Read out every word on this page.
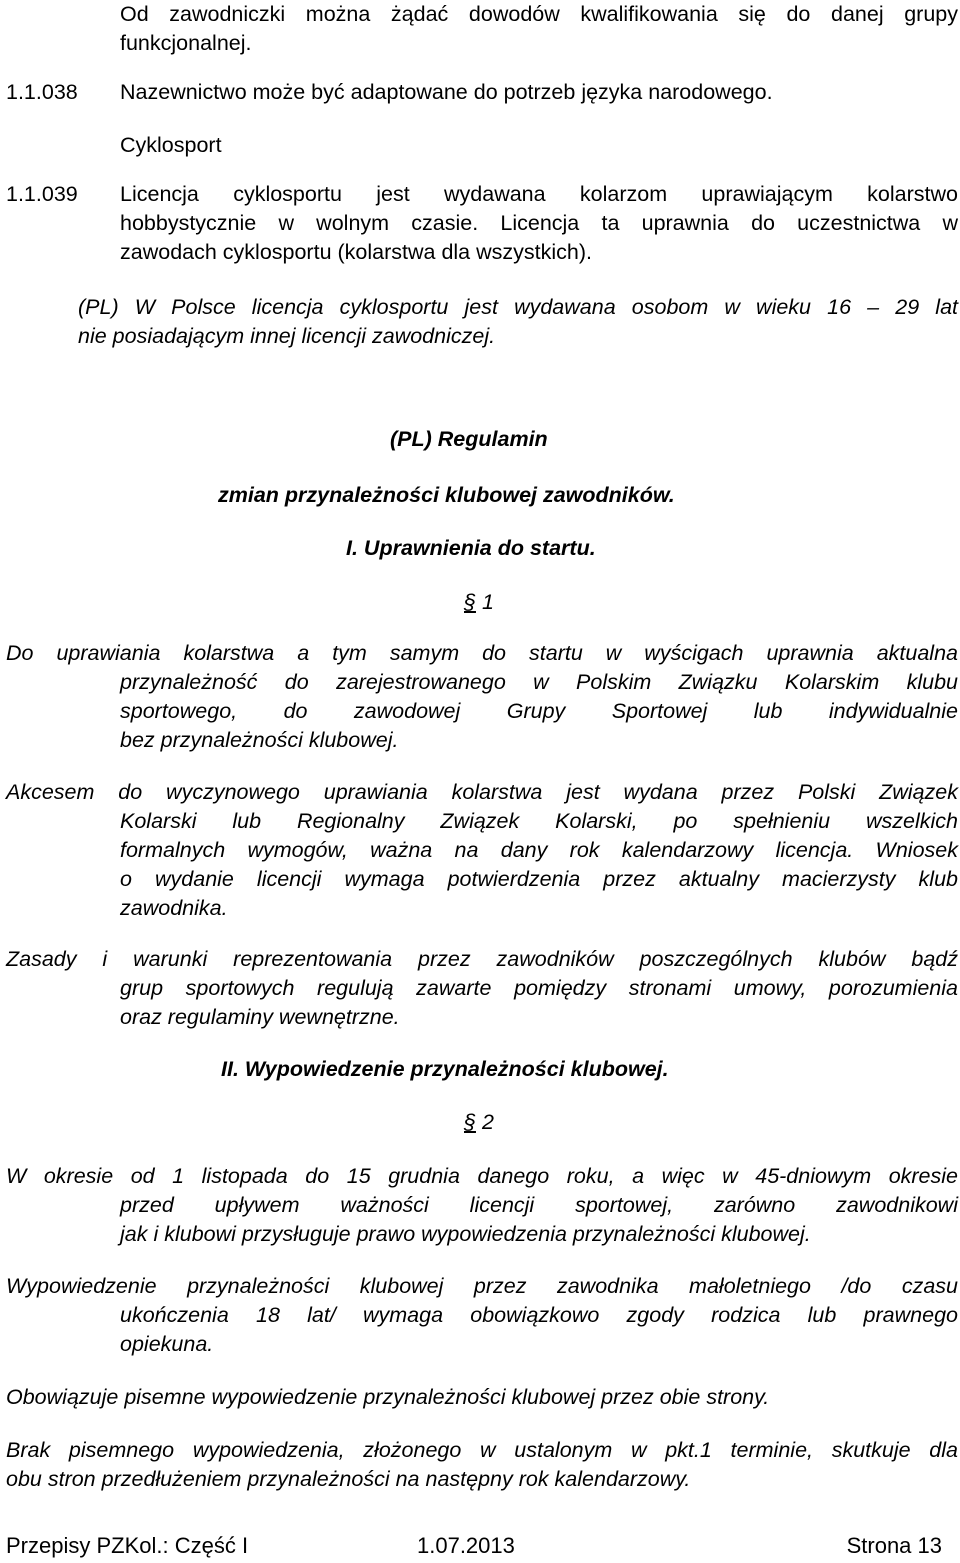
Od zawodniczki można żądać dowodów kwalifikowania się do danej grupy
funkcjonalnej.
1.1.038 Nazewnictwo może być adaptowane do potrzeb języka narodowego.
Cyklosport
1.1.039 Licencja cyklosportu jest wydawana kolarzom uprawiającym kolarstwo
hobbystycznie w wolnym czasie. Licencja ta uprawnia do uczestnictwa w
zawodach cyklosportu (kolarstwa dla wszystkich).
(PL) W Polsce licencja cyklosportu jest wydawana osobom w wieku 16 – 29 lat
nie posiadającym innej licencji zawodniczej.
(PL) Regulamin
zmian przynależności klubowej zawodników.
I. Uprawnienia do startu.
§ 1
Do uprawiania kolarstwa a tym samym do startu w wyścigach uprawnia aktualna
przynależność do zarejestrowanego w Polskim Związku Kolarskim klubu
sportowego, do zawodowej Grupy Sportowej lub indywidualnie
bez przynależności klubowej.
Akcesem do wyczynowego uprawiania kolarstwa jest wydana przez Polski Związek
Kolarski lub Regionalny Związek Kolarski, po spełnieniu wszelkich
formalnych wymogów, ważna na dany rok kalendarzowy licencja. Wniosek
o wydanie licencji wymaga potwierdzenia przez aktualny macierzysty klub
zawodnika.
Zasady i warunki reprezentowania przez zawodników poszczególnych klubów bądź
grup sportowych regulują zawarte pomiędzy stronami umowy, porozumienia
oraz regulaminy wewnętrzne.
II. Wypowiedzenie przynależności klubowej.
§ 2
W okresie od 1 listopada do 15 grudnia danego roku, a więc w 45-dniowym okresie
przed upływem ważności licencji sportowej, zarówno zawodnikowi
jak i klubowi przysługuje prawo wypowiedzenia przynależności klubowej.
Wypowiedzenie przynależności klubowej przez zawodnika małoletniego /do czasu
ukończenia 18 lat/ wymaga obowiązkowo zgody rodzica lub prawnego
opiekuna.
Obowiązuje pisemne wypowiedzenie przynależności klubowej przez obie strony.
Brak pisemnego wypowiedzenia, złożonego w ustalonym w pkt.1 terminie, skutkuje dla
obu stron przedłużeniem przynależności na następny rok kalendarzowy.
Przepisy PZKol.: Część I	1.07.2013	Strona 13
